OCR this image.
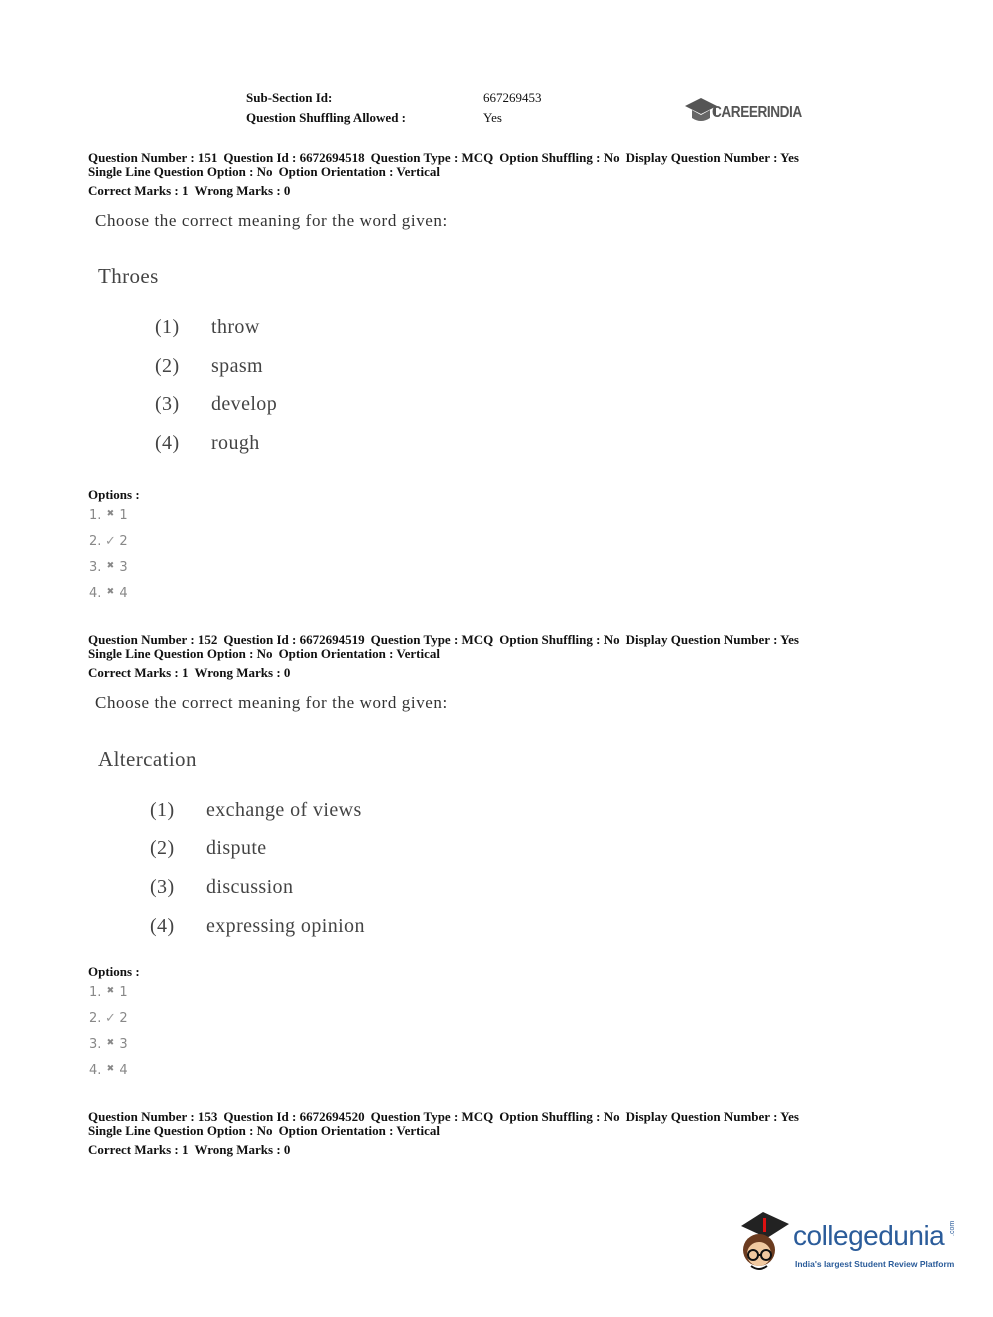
Sub-Section Id:	667269453
Question Shuffling Allowed :	Yes	CAREERINDIA
Question Number : 151 Question Id : 6672694518 Question Type : MCQ Option Shuffling : No Display Question Number : Yes
Single Line Question Option : No Option Orientation : Vertical
Correct Marks : 1 Wrong Marks : 0
Choose the correct meaning for the word given:
Throes
(1) throw
(2) spasm
(3) develop
(4) rough
Options :
1. ✖ 1
2. ✓ 2
3. ✖ 3
4. ✖ 4
Question Number : 152 Question Id : 6672694519 Question Type : MCQ Option Shuffling : No Display Question Number : Yes
Single Line Question Option : No Option Orientation : Vertical
Correct Marks : 1 Wrong Marks : 0
Choose the correct meaning for the word given:
Altercation
(1) exchange of views
(2) dispute
(3) discussion
(4) expressing opinion
Options :
1. ✖ 1
2. ✓ 2
3. ✖ 3
4. ✖ 4
Question Number : 153 Question Id : 6672694520 Question Type : MCQ Option Shuffling : No Display Question Number : Yes
Single Line Question Option : No Option Orientation : Vertical
Correct Marks : 1 Wrong Marks : 0
collegedunia .com
India's largest Student Review Platform
